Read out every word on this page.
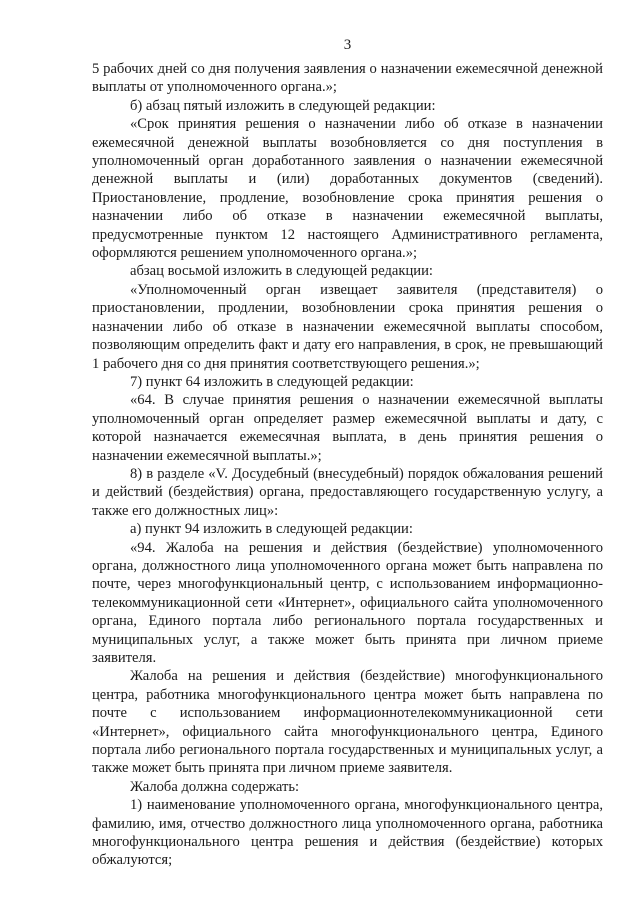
3

5 рабочих дней со дня получения заявления о назначении ежемесячной денежной выплаты от уполномоченного органа.»;

б) абзац пятый изложить в следующей редакции:

«Срок принятия решения о назначении либо об отказе в назначении ежемесячной денежной выплаты возобновляется со дня поступления в уполномоченный орган доработанного заявления о назначении ежемесячной денежной выплаты и (или) доработанных документов (сведений). Приостановление, продление, возобновление срока принятия решения о назначении либо об отказе в назначении ежемесячной выплаты, предусмотренные пунктом 12 настоящего Административного регламента, оформляются решением уполномоченного органа.»;

абзац восьмой изложить в следующей редакции:

«Уполномоченный орган извещает заявителя (представителя) о приостановлении, продлении, возобновлении срока принятия решения о назначении либо об отказе в назначении ежемесячной выплаты способом, позволяющим определить факт и дату его направления, в срок, не превышающий 1 рабочего дня со дня принятия соответствующего решения.»;

7) пункт 64 изложить в следующей редакции:

«64. В случае принятия решения о назначении ежемесячной выплаты уполномоченный орган определяет размер ежемесячной выплаты и дату, с которой назначается ежемесячная выплата, в день принятия решения о назначении ежемесячной выплаты.»;

8) в разделе «V. Досудебный (внесудебный) порядок обжалования решений и действий (бездействия) органа, предоставляющего государственную услугу, а также его должностных лиц»:

а) пункт 94 изложить в следующей редакции:

«94. Жалоба на решения и действия (бездействие) уполномоченного органа, должностного лица уполномоченного органа может быть направлена по почте, через многофункциональный центр, с использованием информационно-телекоммуникационной сети «Интернет», официального сайта уполномоченного органа, Единого портала либо регионального портала государственных и муниципальных услуг, а также может быть принята при личном приеме заявителя.

Жалоба на решения и действия (бездействие) многофункционального центра, работника многофункционального центра может быть направлена по почте с использованием информационнотелекоммуникационной сети «Интернет», официального сайта многофункционального центра, Единого портала либо регионального портала государственных и муниципальных услуг, а также может быть принята при личном приеме заявителя.

Жалоба должна содержать:

1) наименование уполномоченного органа, многофункционального центра, фамилию, имя, отчество должностного лица уполномоченного органа, работника многофункционального центра решения и действия (бездействие) которых обжалуются;
